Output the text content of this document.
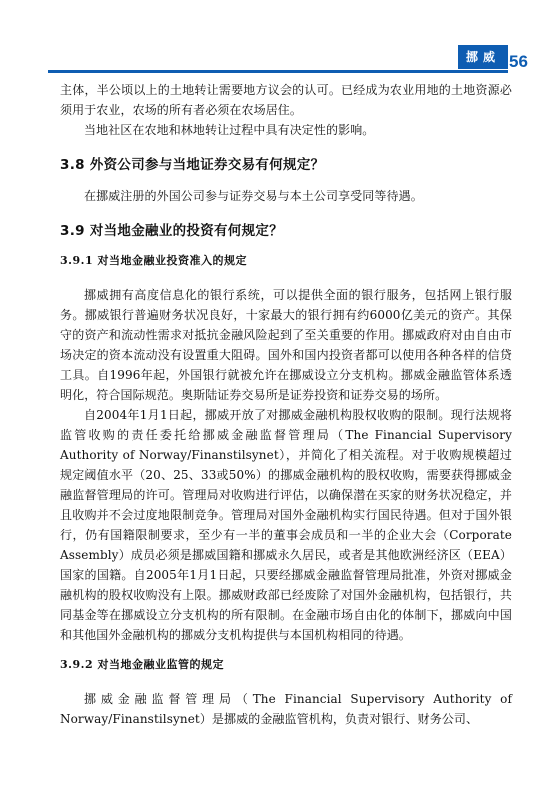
挪威 56

主体，半公顷以上的土地转让需要地方议会的认可。已经成为农业用地的土地资源必须用于农业，农场的所有者必须在农场居住。

当地社区在农地和林地转让过程中具有决定性的影响。

3.8 外资公司参与当地证券交易有何规定？

在挪威注册的外国公司参与证券交易与本土公司享受同等待遇。

3.9 对当地金融业的投资有何规定？
3.9.1 对当地金融业投资准入的规定

挪威拥有高度信息化的银行系统，可以提供全面的银行服务，包括网上银行服务。挪威银行普遍财务状况良好，十家最大的银行拥有约6000亿美元的资产。其保守的资产和流动性需求对抵抗金融风险起到了至关重要的作用。挪威政府对由自由市场决定的资本流动没有设置重大阻碍。国外和国内投资者都可以使用各种各样的信贷工具。自1996年起，外国银行就被允许在挪威设立分支机构。挪威金融监管体系透明化，符合国际规范。奥斯陆证券交易所是证券投资和证券交易的场所。

自2004年1月1日起，挪威开放了对挪威金融机构股权收购的限制。现行法规将监管收购的责任委托给挪威金融监督管理局（The Financial Supervisory Authority of Norway/Finanstilsynet），并简化了相关流程。对于收购规模超过规定阈值水平（20、25、33或50%）的挪威金融机构的股权收购，需要获得挪威金融监督管理局的许可。管理局对收购进行评估，以确保潜在买家的财务状况稳定，并且收购并不会过度地限制竞争。管理局对国外金融机构实行国民待遇。但对于国外银行，仍有国籍限制要求，至少有一半的董事会成员和一半的企业大会（Corporate Assembly）成员必须是挪威国籍和挪威永久居民，或者是其他欧洲经济区（EEA）国家的国籍。自2005年1月1日起，只要经挪威金融监督管理局批准，外资对挪威金融机构的股权收购没有上限。挪威财政部已经废除了对国外金融机构，包括银行，共同基金等在挪威设立分支机构的所有限制。在金融市场自由化的体制下，挪威向中国和其他国外金融机构的挪威分支机构提供与本国机构相同的待遇。

3.9.2 对当地金融业监管的规定

挪威金融监督管理局（The Financial Supervisory Authority of Norway/Finanstilsynet）是挪威的金融监管机构，负责对银行、财务公司、
